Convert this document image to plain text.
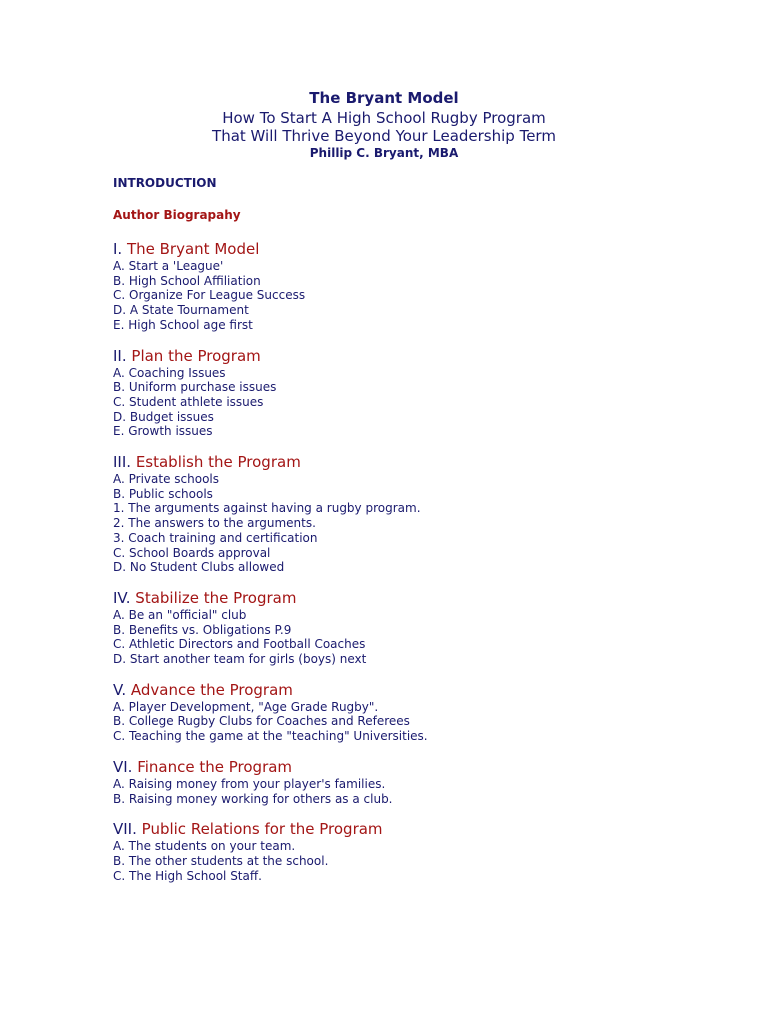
The Bryant Model
How To Start A High School Rugby Program
That Will Thrive Beyond Your Leadership Term
Phillip C. Bryant, MBA
INTRODUCTION
Author Biograpahy
I. The Bryant Model
A. Start a 'League'
B. High School Affiliation
C. Organize For League Success
D. A State Tournament
E. High School age first
II. Plan the Program
A. Coaching Issues
B. Uniform purchase issues
C. Student athlete issues
D. Budget issues
E. Growth issues
III. Establish the Program
A. Private schools
B. Public schools
1. The arguments against having a rugby program.
2. The answers to the arguments.
3. Coach training and certification
C. School Boards approval
D. No Student Clubs allowed
IV. Stabilize the Program
A. Be an "official" club
B. Benefits vs. Obligations P.9
C. Athletic Directors and Football Coaches
D. Start another team for girls (boys) next
V. Advance the Program
A. Player Development, "Age Grade Rugby".
B. College Rugby Clubs for Coaches and Referees
C. Teaching the game at the "teaching" Universities.
VI. Finance the Program
A. Raising money from your player's families.
B. Raising money working for others as a club.
VII. Public Relations for the Program
A. The students on your team.
B. The other students at the school.
C. The High School Staff.
